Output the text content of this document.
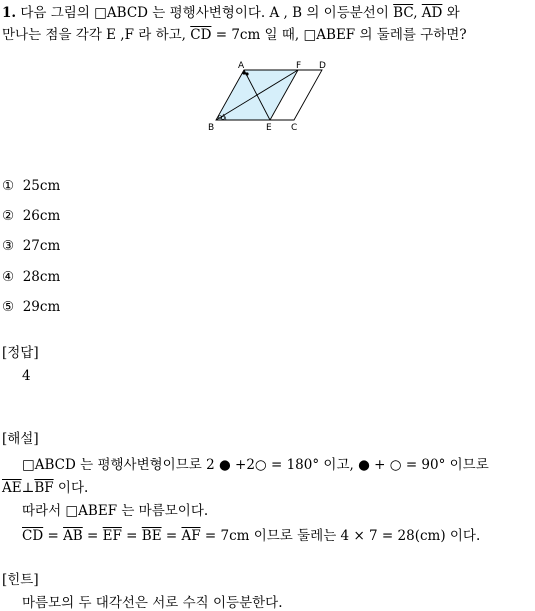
1. 다음 그림의 □ABCD 는 평행사변형이다. A , B 의 이등분선이 $\overline{BC}$, $\overline{AD}$ 와
만나는 점을 각각 E ,F 라 하고, $\overline{CD} = 7cm$ 일 때, □ABEF 의 둘레를 구하면?
A	F D
B	E C
① 25cm
② 26cm
③ 27cm
④ 28cm
⑤ 29cm
[정답]
4
[해설]
□ABCD 는 평행사변형이므로 2 ● +2○ = 180° 이고, ● + ○ = 90° 이므로
$\overline{AE}\perp\overline{BF}$ 이다.
따라서 □ABEF 는 마름모이다.
$\overline{CD} = \overline{AB} = \overline{EF} = \overline{BE} = \overline{AF} = 7cm$ 이므로 둘레는 4 × 7 = 28(cm) 이다.
[힌트]
마름모의 두 대각선은 서로 수직 이등분한다.
